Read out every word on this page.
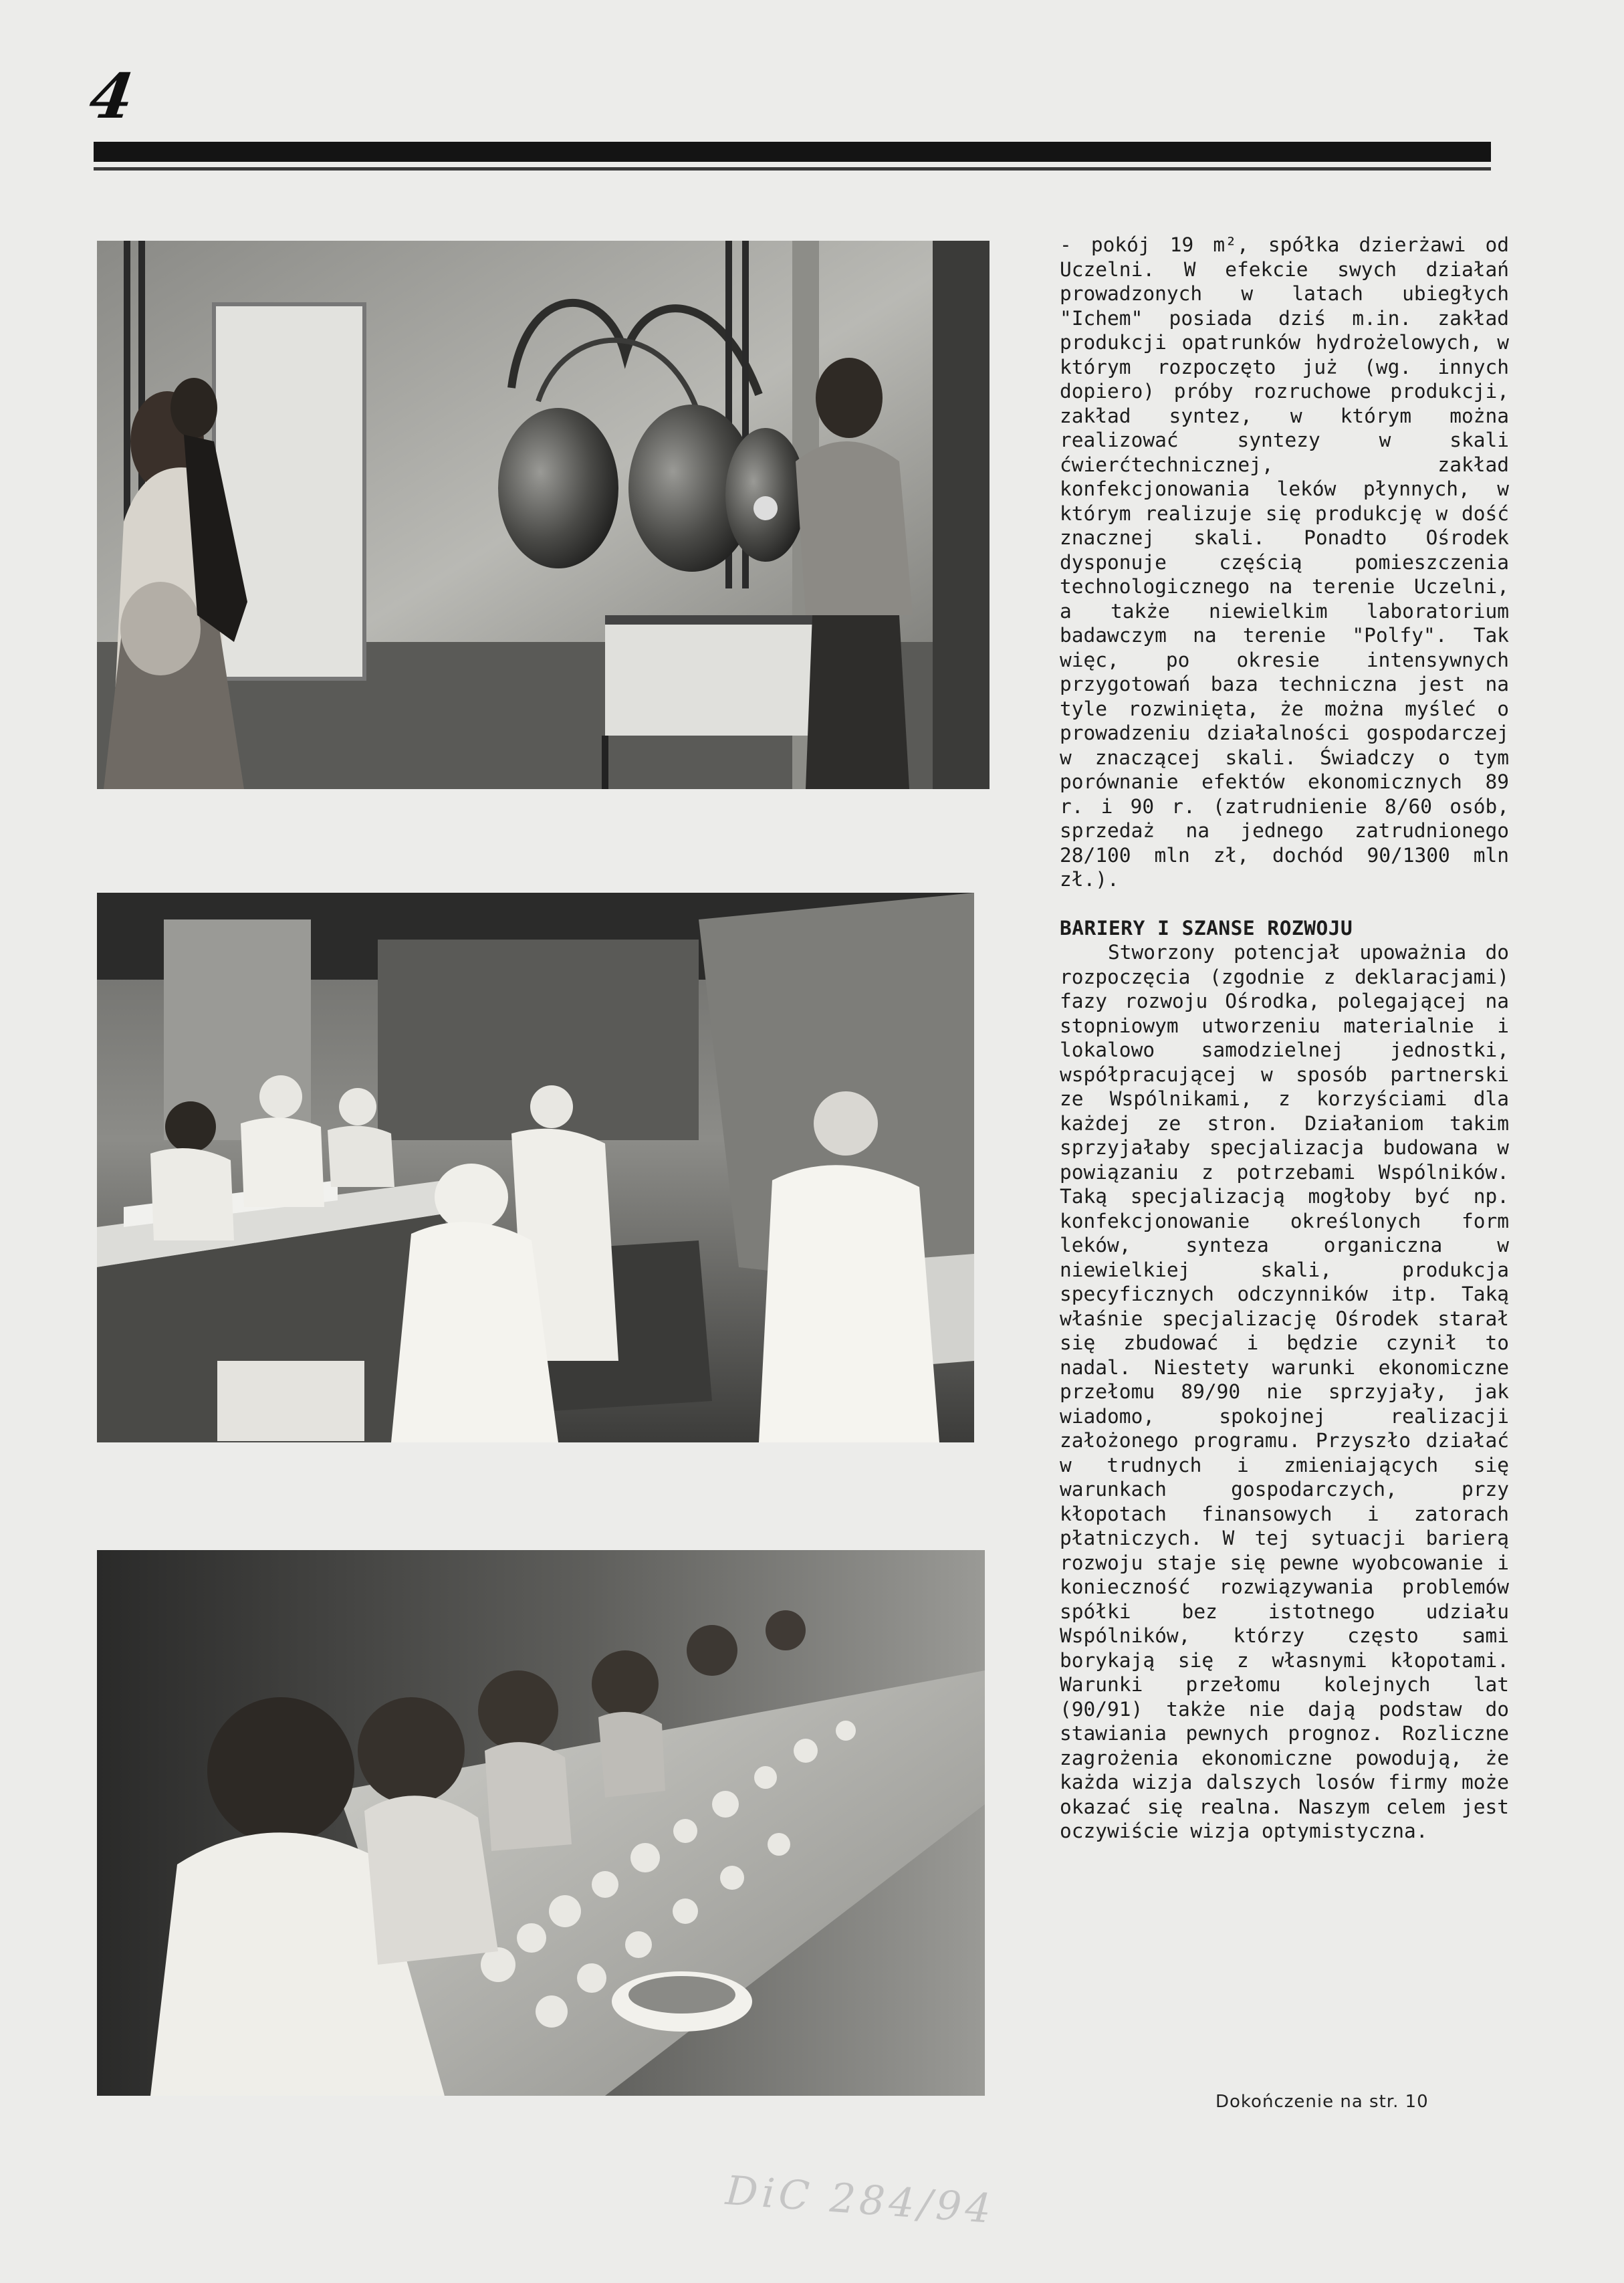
4

- pokój 19 m², spółka dzierżawi od Uczelni. W efekcie swych działań prowadzonych w latach ubiegłych "Ichem" posiada dziś m.in. zakład produkcji opatrunków hydrożelowych, w którym rozpoczęto już (wg. innych dopiero) próby rozruchowe produkcji, zakład syntez, w którym można realizować syntezy w skali ćwierćtechnicznej, zakład konfekcjonowania leków płynnych, w którym realizuje się produkcję w dość znacznej skali. Ponadto Ośrodek dysponuje częścią pomieszczenia technologicznego na terenie Uczelni, a także niewielkim laboratorium badawczym na terenie "Polfy". Tak więc, po okresie intensywnych przygotowań baza techniczna jest na tyle rozwinięta, że można myśleć o prowadzeniu działalności gospodarczej w znaczącej skali. Świadczy o tym porównanie efektów ekonomicznych 89 r. i 90 r. (zatrudnienie 8/60 osób, sprzedaż na jednego zatrudnionego 28/100 mln zł, dochód 90/1300 mln zł.).

BARIERY I SZANSE ROZWOJU

Stworzony potencjał upoważnia do rozpoczęcia (zgodnie z deklaracjami) fazy rozwoju Ośrodka, polegającej na stopniowym utworzeniu materialnie i lokalowo samodzielnej jednostki, współpracującej w sposób partnerski ze Wspólnikami, z korzyściami dla każdej ze stron. Działaniom takim sprzyjałaby specjalizacja budowana w powiązaniu z potrzebami Wspólników. Taką specjalizacją mogłoby być np. konfekcjonowanie określonych form leków, synteza organiczna w niewielkiej skali, produkcja specyficznych odczynników itp. Taką właśnie specjalizację Ośrodek starał się zbudować i będzie czynił to nadal. Niestety warunki ekonomiczne przełomu 89/90 nie sprzyjały, jak wiadomo, spokojnej realizacji założonego programu. Przyszło działać w trudnych i zmieniających się warunkach gospodarczych, przy kłopotach finansowych i zatorach płatniczych. W tej sytuacji barierą rozwoju staje się pewne wyobcowanie i konieczność rozwiązywania problemów spółki bez istotnego udziału Wspólników, którzy często sami borykają się z własnymi kłopotami. Warunki przełomu kolejnych lat (90/91) także nie dają podstaw do stawiania pewnych prognoz. Rozliczne zagrożenia ekonomiczne powodują, że każda wizja dalszych losów firmy może okazać się realna. Naszym celem jest oczywiście wizja optymistyczna.

Dokończenie na str. 10
DiC 284/94
